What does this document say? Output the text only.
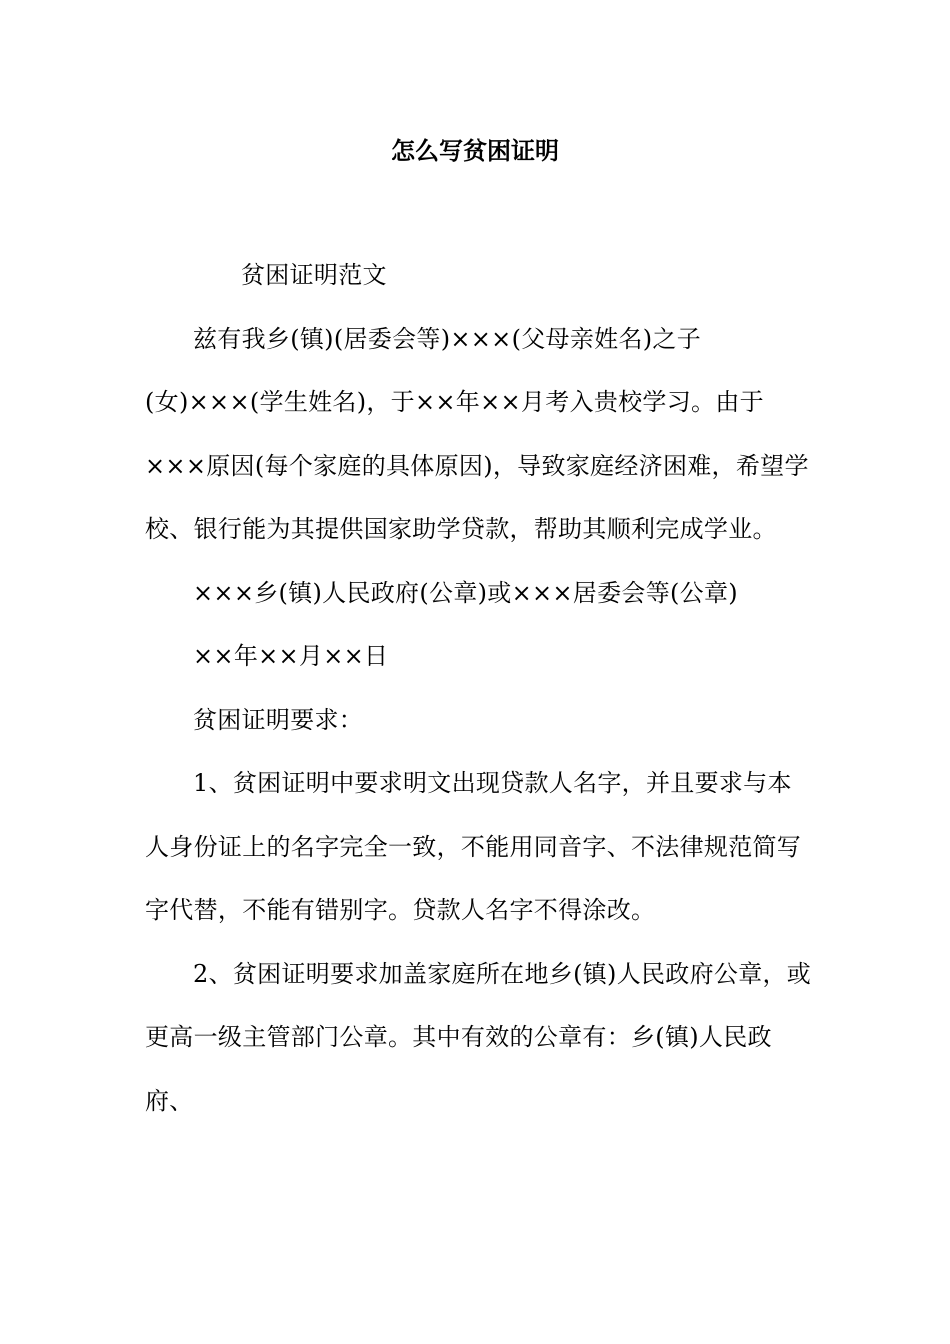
怎么写贫困证明

贫困证明范文

兹有我乡(镇)(居委会等)×××(父母亲姓名)之子(女)×××(学生姓名)，于××年××月考入贵校学习。由于×××原因(每个家庭的具体原因)，导致家庭经济困难，希望学校、银行能为其提供国家助学贷款，帮助其顺利完成学业。

×××乡(镇)人民政府(公章)或×××居委会等(公章)

××年××月××日

贫困证明要求：

1、贫困证明中要求明文出现贷款人名字，并且要求与本人身份证上的名字完全一致，不能用同音字、不法律规范简写字代替，不能有错别字。贷款人名字不得涂改。

2、贫困证明要求加盖家庭所在地乡(镇)人民政府公章，或更高一级主管部门公章。其中有效的公章有：乡(镇)人民政府、
